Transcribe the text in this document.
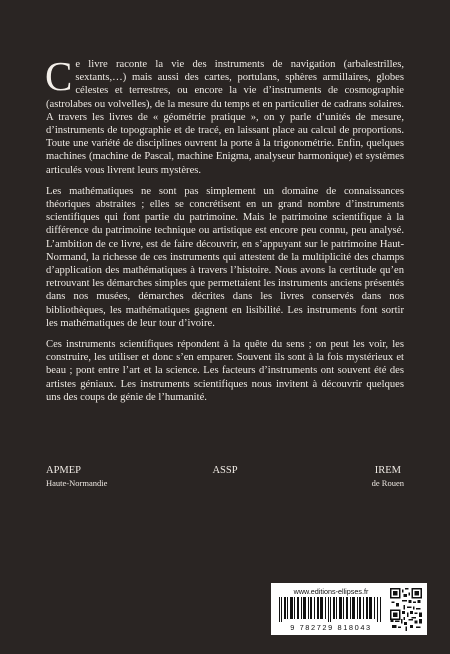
Ce livre raconte la vie des instruments de navigation (arbalestrilles, sextants,…) mais aussi des cartes, portulans, sphères armillaires, globes célestes et terrestres, ou encore la vie d’instruments de cosmographie (astrolabes ou volvelles), de la mesure du temps et en particulier de cadrans solaires. A travers les livres de « géométrie pratique », on y parle d’unités de mesure, d’instruments de topographie et de tracé, en laissant place au calcul de proportions. Toute une variété de disciplines ouvrent la porte à la trigonométrie. Enfin, quelques machines (machine de Pascal, machine Enigma, analyseur harmonique) et systèmes articulés vous livrent leurs mystères.

Les mathématiques ne sont pas simplement un domaine de connaissances théoriques abstraites ; elles se concrétisent en un grand nombre d’instruments scientifiques qui font partie du patrimoine. Mais le patrimoine scientifique à la différence du patrimoine technique ou artistique est encore peu connu, peu analysé. L’ambition de ce livre, est de faire découvrir, en s’appuyant sur le patrimoine Haut-Normand, la richesse de ces instruments qui attestent de la multiplicité des champs d’application des mathématiques à travers l’histoire. Nous avons la certitude qu’en retrouvant les démarches simples que permettaient les instruments anciens présentés dans nos musées, démarches décrites dans les livres conservés dans nos bibliothèques, les mathématiques gagnent en lisibilité. Les instruments font sortir les mathématiques de leur tour d’ivoire.

Ces instruments scientifiques répondent à la quête du sens ; on peut les voir, les construire, les utiliser et donc s’en emparer. Souvent ils sont à la fois mystérieux et beau ; pont entre l’art et la science. Les facteurs d’instruments ont souvent été des artistes géniaux. Les instruments scientifiques nous invitent à découvrir quelques uns des coups de génie de l’humanité.

APMEP
Haute-Normandie
ASSP	IREM
de Rouen
www.editions-ellipses.fr
9 782729 818043
